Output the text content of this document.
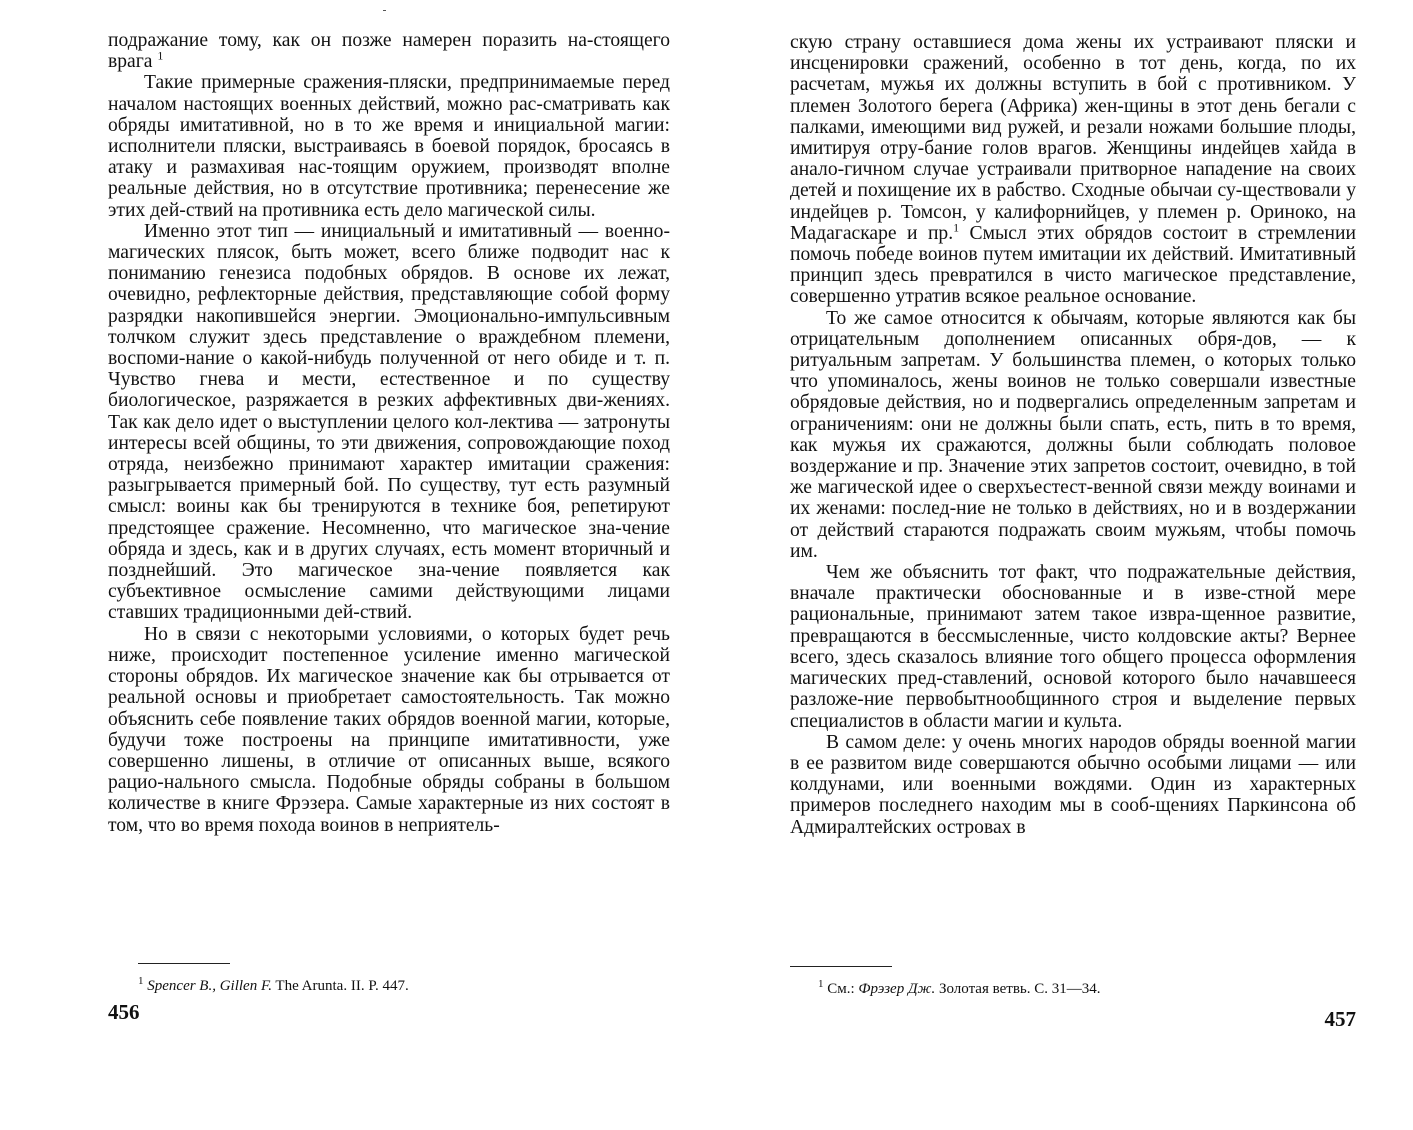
подражание тому, как он позже намерен поразить на-стоящего врага $^1$

Такие примерные сражения-пляски, предпринимаемые перед началом настоящих военных действий, можно рас-сматривать как обряды имитативной, но в то же время и инициальной магии: исполнители пляски, выстраиваясь в боевой порядок, бросаясь в атаку и размахивая нас-тоящим оружием, производят вполне реальные действия, но в отсутствие противника; перенесение же этих дей-ствий на противника есть дело магической силы.

Именно этот тип — инициальный и имитативный — военно-магических плясок, быть может, всего ближе подводит нас к пониманию генезиса подобных обрядов. В основе их лежат, очевидно, рефлекторные действия, представляющие собой форму разрядки накопившейся энергии. Эмоционально-импульсивным толчком служит здесь представление о враждебном племени, воспоми-нание о какой-нибудь полученной от него обиде и т. п. Чувство гнева и мести, естественное и по существу биологическое, разряжается в резких аффективных дви-жениях. Так как дело идет о выступлении целого кол-лектива — затронуты интересы всей общины, то эти движения, сопровождающие поход отряда, неизбежно принимают характер имитации сражения: разыгрывается примерный бой. По существу, тут есть разумный смысл: воины как бы тренируются в технике боя, репетируют предстоящее сражение. Несомненно, что магическое зна-чение обряда и здесь, как и в других случаях, есть момент вторичный и позднейший. Это магическое зна-чение появляется как субъективное осмысление самими действующими лицами ставших традиционными дей-ствий.

Но в связи с некоторыми условиями, о которых будет речь ниже, происходит постепенное усиление именно магической стороны обрядов. Их магическое значение как бы отрывается от реальной основы и приобретает самостоятельность. Так можно объяснить себе появление таких обрядов военной магии, которые, будучи тоже построены на принципе имитативности, уже совершенно лишены, в отличие от описанных выше, всякого рацио-нального смысла. Подобные обряды собраны в большом количестве в книге Фрэзера. Самые характерные из них состоят в том, что во время похода воинов в неприятель-

$^1$ Spencer B., Gillen F. The Arunta. II. P. 447.
456

скую страну оставшиеся дома жены их устраивают пляски и инсценировки сражений, особенно в тот день, когда, по их расчетам, мужья их должны вступить в бой с противником. У племен Золотого берега (Африка) жен-щины в этот день бегали с палками, имеющими вид ружей, и резали ножами большие плоды, имитируя отру-бание голов врагов. Женщины индейцев хайда в анало-гичном случае устраивали притворное нападение на своих детей и похищение их в рабство. Сходные обычаи су-ществовали у индейцев р. Томсон, у калифорнийцев, у племен р. Ориноко, на Мадагаскаре и пр.$^1$ Смысл этих обрядов состоит в стремлении помочь победе воинов путем имитации их действий. Имитативный принцип здесь превратился в чисто магическое представление, совершенно утратив всякое реальное основание.

То же самое относится к обычаям, которые являются как бы отрицательным дополнением описанных обря-дов, — к ритуальным запретам. У большинства племен, о которых только что упоминалось, жены воинов не только совершали известные обрядовые действия, но и подвергались определенным запретам и ограничениям: они не должны были спать, есть, пить в то время, как мужья их сражаются, должны были соблюдать половое воздержание и пр. Значение этих запретов состоит, очевидно, в той же магической идее о сверхъестест-венной связи между воинами и их женами: послед-ние не только в действиях, но и в воздержании от действий стараются подражать своим мужьям, чтобы помочь им.

Чем же объяснить тот факт, что подражательные действия, вначале практически обоснованные и в изве-стной мере рациональные, принимают затем такое извра-щенное развитие, превращаются в бессмысленные, чисто колдовские акты? Вернее всего, здесь сказалось влияние того общего процесса оформления магических пред-ставлений, основой которого было начавшееся разложе-ние первобытнообщинного строя и выделение первых специалистов в области магии и культа.

В самом деле: у очень многих народов обряды военной магии в ее развитом виде совершаются обычно особыми лицами — или колдунами, или военными вождями. Один из характерных примеров последнего находим мы в сооб-щениях Паркинсона об Адмиралтейских островах в

$^1$ См.: Фрэзер Дж. Золотая ветвь. С. 31—34.
457
